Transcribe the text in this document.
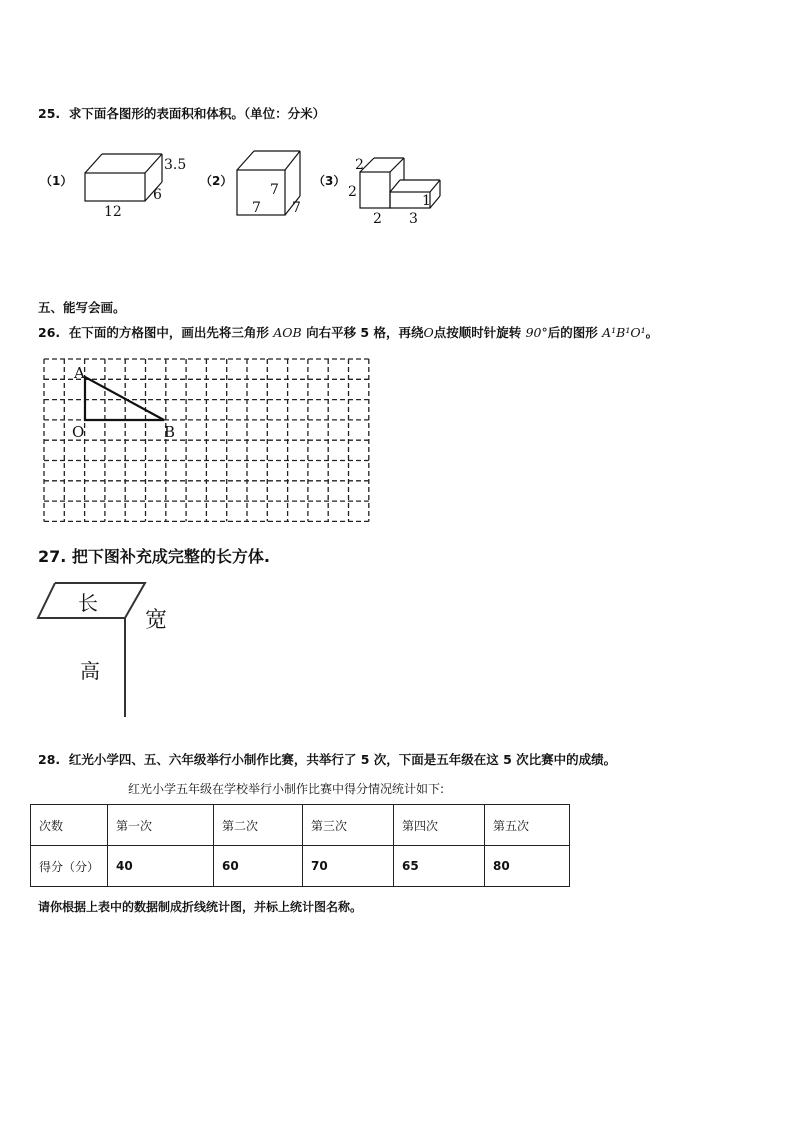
25. 求下面各图形的表面积和体积。（单位：分米）
（1）
3.5
6
12
（2）
7
7 7
（3）
2
2
1
2 3
五、能写会画。
26. 在下面的方格图中，画出先将三角形 AOB 向右平移 5 格，再绕O点按顺时针旋转 90°后的图形 A¹B¹O¹。
A
O	B
27. 把下图补充成完整的长方体.
长
宽
高
28. 红光小学四、五、六年级举行小制作比赛，共举行了 5 次，下面是五年级在这 5 次比赛中的成绩。
红光小学五年级在学校举行小制作比赛中得分情况统计如下:
次数	第一次	第二次	第三次	第四次	第五次
得分（分）	40	60	70	65	80
请你根据上表中的数据制成折线统计图，并标上统计图名称。
